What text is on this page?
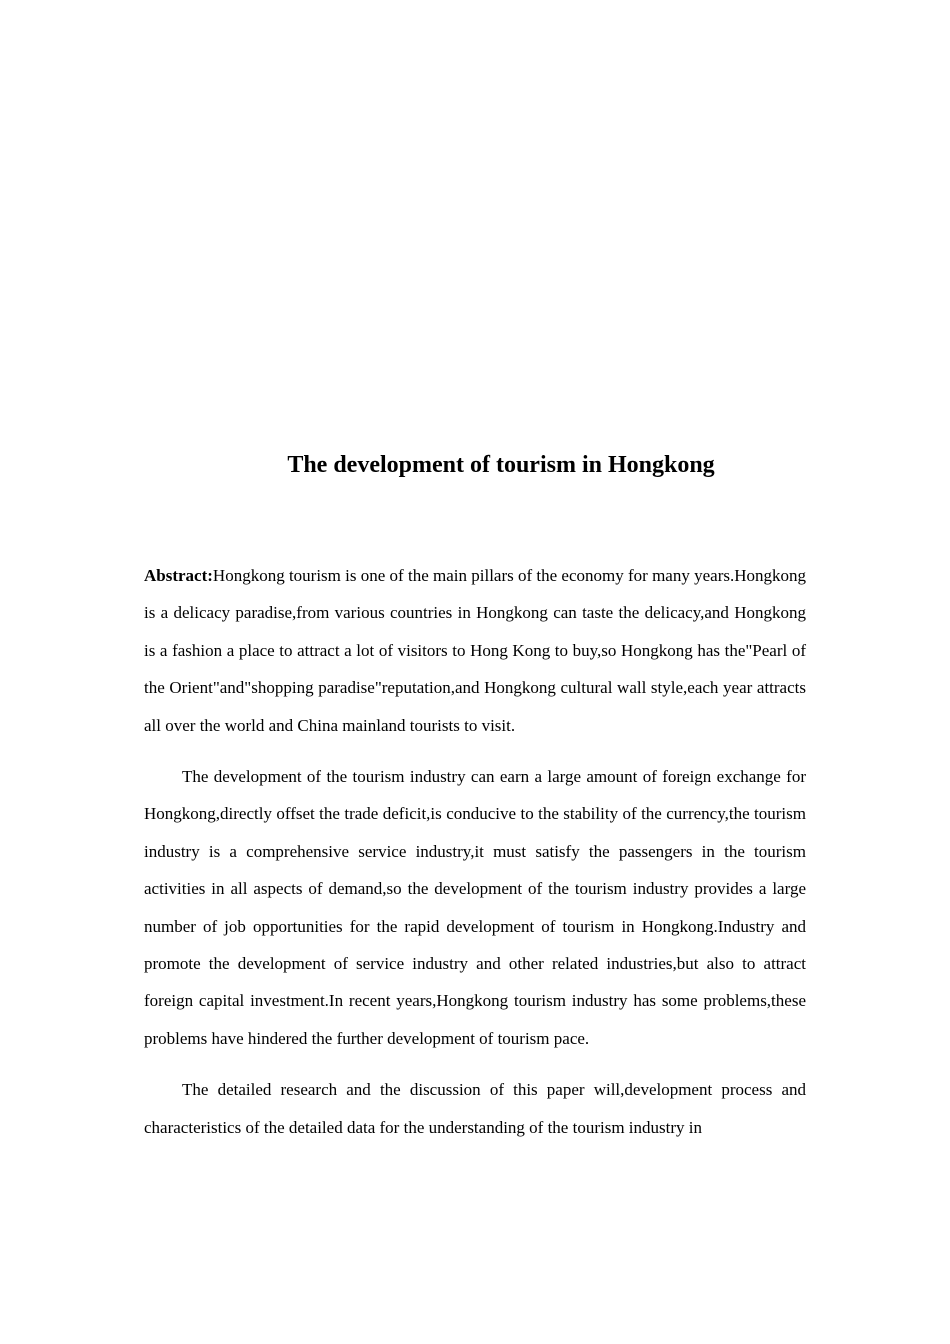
The development of tourism in Hongkong

Abstract:Hongkong tourism is one of the main pillars of the economy for many years.Hongkong is a delicacy paradise,from various countries in Hongkong can taste the delicacy,and Hongkong is a fashion a place to attract a lot of visitors to Hong Kong to buy,so Hongkong has the"Pearl of the Orient"and"shopping paradise"reputation,and Hongkong cultural wall style,each year attracts all over the world and China mainland tourists to visit.

The development of the tourism industry can earn a large amount of foreign exchange for Hongkong,directly offset the trade deficit,is conducive to the stability of the currency,the tourism industry is a comprehensive service industry,it must satisfy the passengers in the tourism activities in all aspects of demand,so the development of the tourism industry provides a large number of job opportunities for the rapid development of tourism in Hongkong.Industry and promote the development of service industry and other related industries,but also to attract foreign capital investment.In recent years,Hongkong tourism industry has some problems,these problems have hindered the further development of tourism pace.

The detailed research and the discussion of this paper will,development process and characteristics of the detailed data for the understanding of the tourism industry in
